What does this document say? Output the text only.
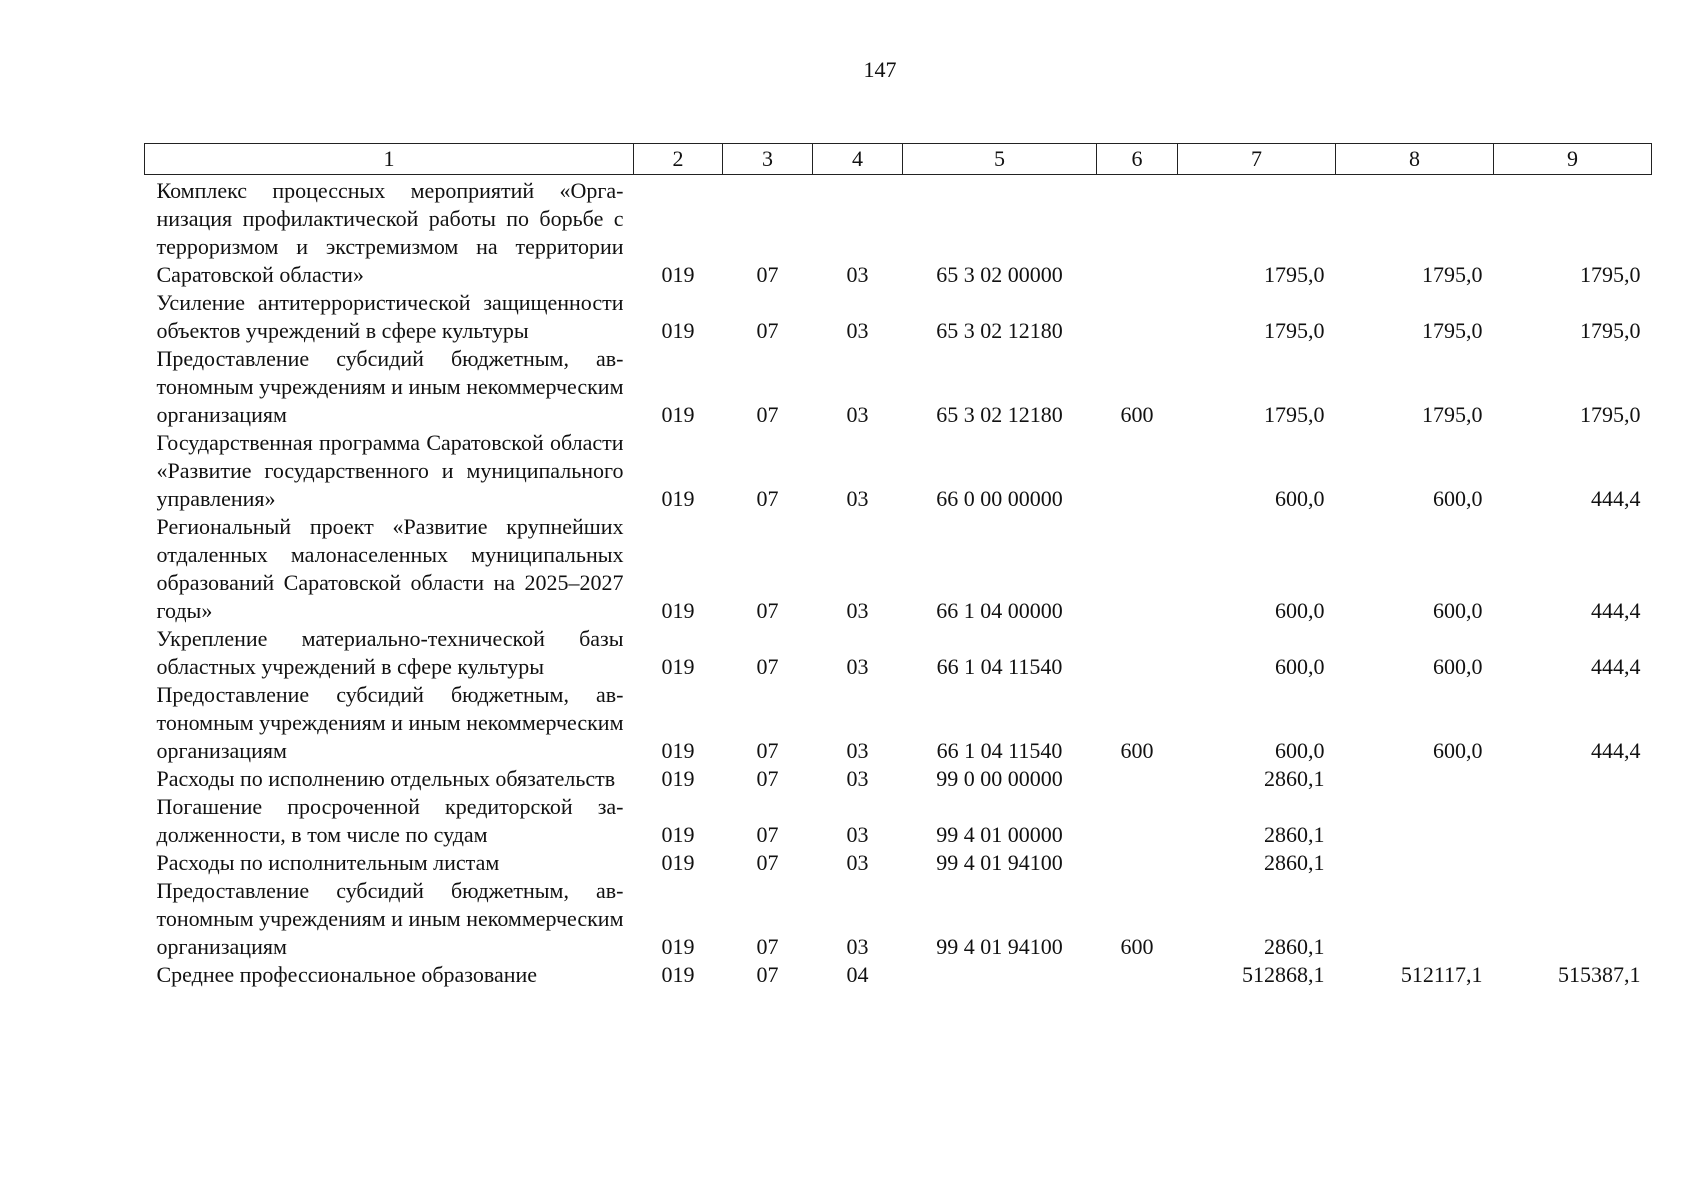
147
1	2	3	4	5	6	7	8	9
Комплекс процессных мероприятий «Организация профилактической работы по борьбе с терроризмом и экстремизмом на территории Саратовской области»	019	07	03	65 3 02 00000		1795,0	1795,0	1795,0
Усиление антитеррористической защищенности объектов учреждений в сфере культуры	019	07	03	65 3 02 12180		1795,0	1795,0	1795,0
Предоставление субсидий бюджетным, автономным учреждениям и иным некоммерческим организациям	019	07	03	65 3 02 12180	600	1795,0	1795,0	1795,0
Государственная программа Саратовской области «Развитие государственного и муниципального управления»	019	07	03	66 0 00 00000		600,0	600,0	444,4
Региональный проект «Развитие крупнейших отдаленных малонаселенных муниципальных образований Саратовской области на 2025–2027 годы»	019	07	03	66 1 04 00000		600,0	600,0	444,4
Укрепление материально-технической базы областных учреждений в сфере культуры	019	07	03	66 1 04 11540		600,0	600,0	444,4
Предоставление субсидий бюджетным, автономным учреждениям и иным некоммерческим организациям	019	07	03	66 1 04 11540	600	600,0	600,0	444,4
Расходы по исполнению отдельных обязательств	019	07	03	99 0 00 00000		2860,1		
Погашение просроченной кредиторской задолженности, в том числе по судам	019	07	03	99 4 01 00000		2860,1		
Расходы по исполнительным листам	019	07	03	99 4 01 94100		2860,1		
Предоставление субсидий бюджетным, автономным учреждениям и иным некоммерческим организациям	019	07	03	99 4 01 94100	600	2860,1		
Среднее профессиональное образование	019	07	04			512868,1	512117,1	515387,1
